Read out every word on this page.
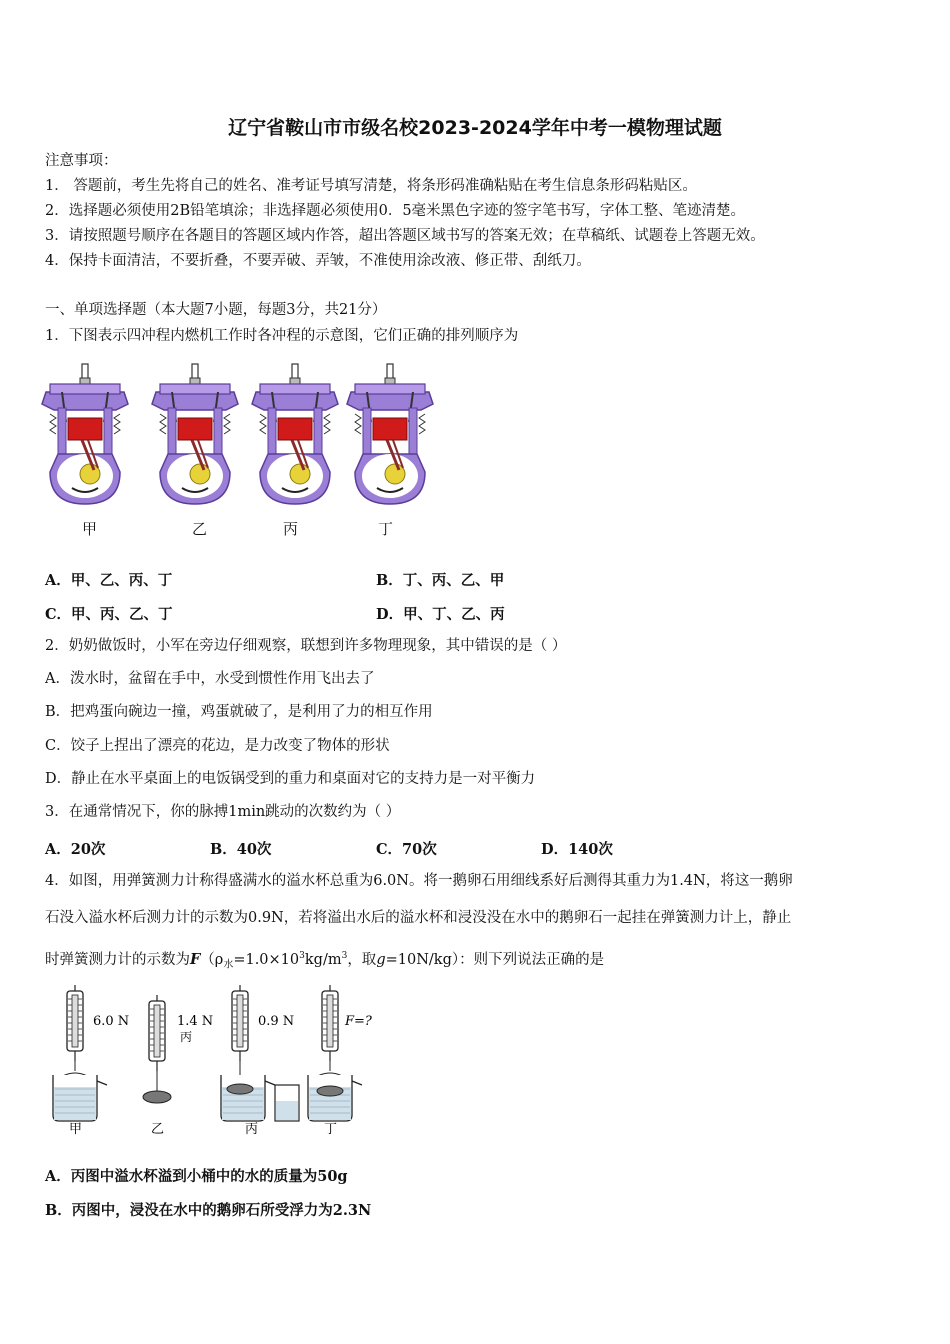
辽宁省鞍山市市级名校2023-2024学年中考一模物理试题
注意事项：
1． 答题前，考生先将自己的姓名、准考证号填写清楚，将条形码准确粘贴在考生信息条形码粘贴区。
2．选择题必须使用2B铅笔填涂；非选择题必须使用0．5毫米黑色字迹的签字笔书写，字体工整、笔迹清楚。
3．请按照题号顺序在各题目的答题区域内作答，超出答题区域书写的答案无效；在草稿纸、试题卷上答题无效。
4．保持卡面清洁，不要折叠，不要弄破、弄皱，不准使用涂改液、修正带、刮纸刀。
一、单项选择题（本大题7小题，每题3分，共21分）
1．下图表示四冲程内燃机工作时各冲程的示意图，它们正确的排列顺序为
甲	乙	丙	丁
A．甲、乙、丙、丁	B．丁、丙、乙、甲
C．甲、丙、乙、丁	D．甲、丁、乙、丙
2．奶奶做饭时，小军在旁边仔细观察，联想到许多物理现象，其中错误的是（ ）
A．泼水时，盆留在手中，水受到惯性作用飞出去了
B．把鸡蛋向碗边一撞，鸡蛋就破了，是利用了力的相互作用
C．饺子上捏出了漂亮的花边，是力改变了物体的形状
D．静止在水平桌面上的电饭锅受到的重力和桌面对它的支持力是一对平衡力
3．在通常情况下，你的脉搏1min跳动的次数约为（ ）
A．20次	B．40次	C．70次	D．140次
4．如图，用弹簧测力计称得盛满水的溢水杯总重为6.0N。将一鹅卵石用细线系好后测得其重力为1.4N，将这一鹅卵
石没入溢水杯后测力计的示数为0.9N，若将溢出水后的溢水杯和浸没没在水中的鹅卵石一起挂在弹簧测力计上，静止
时弹簧测力计的示数为$F(\rho_水=1.0\times 10^3kg/m^3$，取g=10N/kg）：则下列说法正确的是
6.0 N	1.4 N
丙
0.9 N	F=?
甲	乙	丙	丁
A．丙图中溢水杯溢到小桶中的水的质量为50g
B．丙图中，浸没在水中的鹅卵石所受浮力为2.3N
